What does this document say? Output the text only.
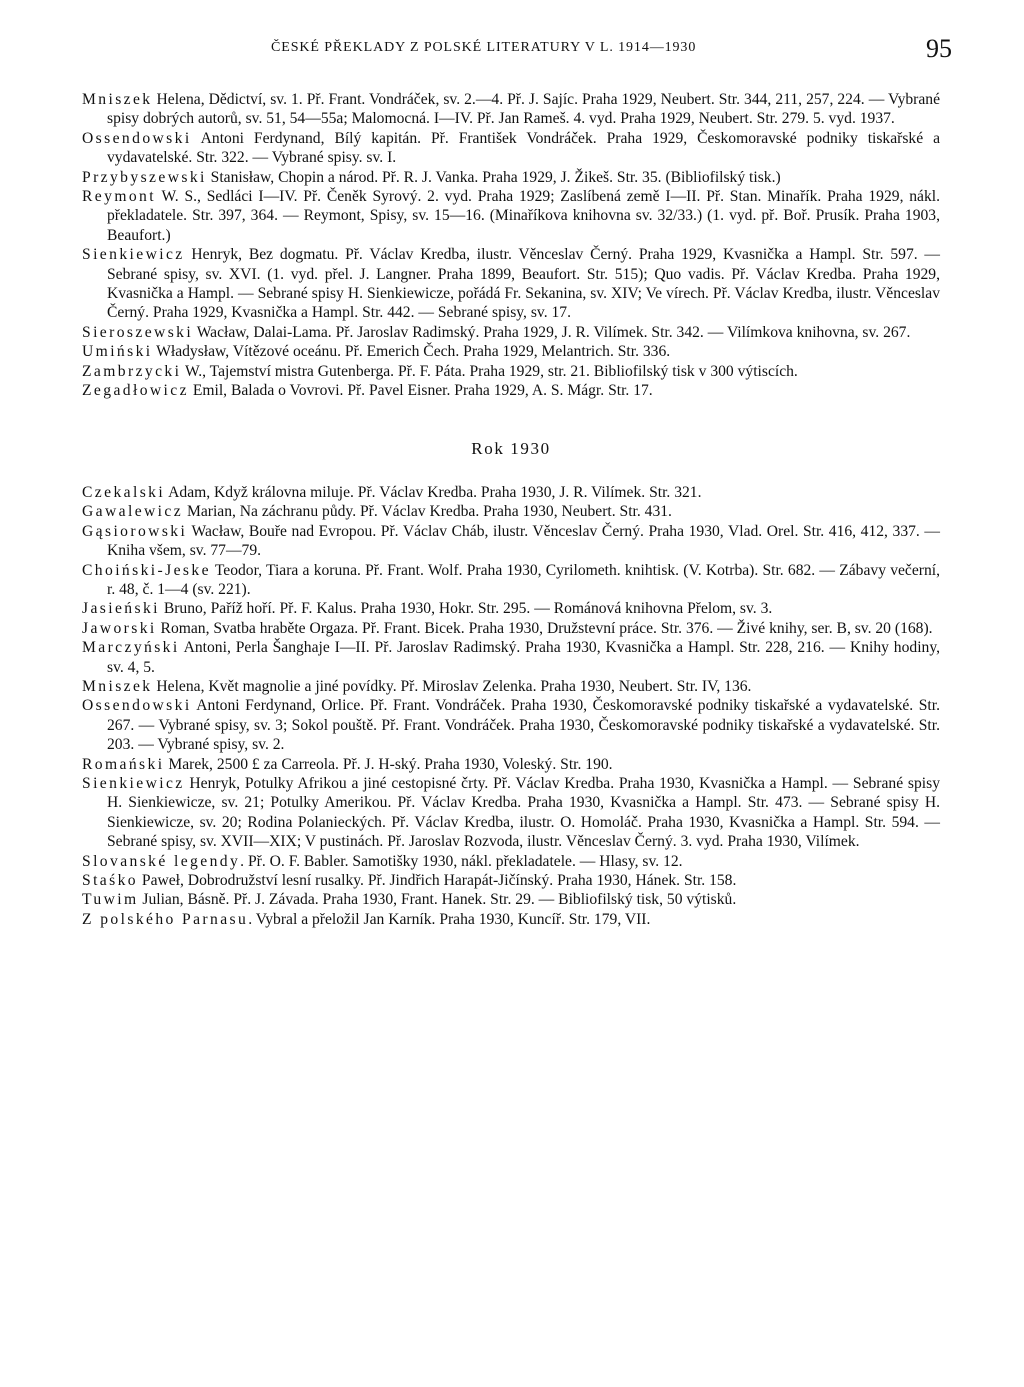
ČESKÉ PŘEKLADY Z POLSKÉ LITERATURY V L. 1914—1930	95

Mniszek Helena, Dědictví, sv. 1. Př. Frant. Vondráček, sv. 2.—4. Př. J. Sajíc. Praha 1929, Neubert. Str. 344, 211, 257, 224. — Vybrané spisy dobrých autorů, sv. 51, 54—55a; Malomocná. I—IV. Př. Jan Rameš. 4. vyd. Praha 1929, Neubert. Str. 279. 5. vyd. 1937.

Ossendowski Antoni Ferdynand, Bílý kapitán. Př. František Vondráček. Praha 1929, Českomoravské podniky tiskařské a vydavatelské. Str. 322. — Vybrané spisy. sv. I.

Przybyszewski Stanisław, Chopin a národ. Př. R. J. Vanka. Praha 1929, J. Žikeš. Str. 35. (Bibliofilský tisk.)

Reymont W. S., Sedláci I—IV. Př. Čeněk Syrový. 2. vyd. Praha 1929; Zaslíbená země I—II. Př. Stan. Minařík. Praha 1929, nákl. překladatele. Str. 397, 364. — Reymont, Spisy, sv. 15—16. (Minaříkova knihovna sv. 32/33.) (1. vyd. př. Boř. Prusík. Praha 1903, Beaufort.)

Sienkiewicz Henryk, Bez dogmatu. Př. Václav Kredba, ilustr. Věnceslav Černý. Praha 1929, Kvasnička a Hampl. Str. 597. — Sebrané spisy, sv. XVI. (1. vyd. přel. J. Langner. Praha 1899, Beaufort. Str. 515); Quo vadis. Př. Václav Kredba. Praha 1929, Kvasnička a Hampl. — Sebrané spisy H. Sienkiewicze, pořádá Fr. Sekanina, sv. XIV; Ve vírech. Př. Václav Kredba, ilustr. Věnceslav Černý. Praha 1929, Kvasnička a Hampl. Str. 442. — Sebrané spisy, sv. 17.

Sieroszewski Wacław, Dalai-Lama. Př. Jaroslav Radimský. Praha 1929, J. R. Vilímek. Str. 342. — Vilímkova knihovna, sv. 267.

Umiński Władysław, Vítězové oceánu. Př. Emerich Čech. Praha 1929, Melantrich. Str. 336.

Zambrzycki W., Tajemství mistra Gutenberga. Př. F. Páta. Praha 1929, str. 21. Bibliofilský tisk v 300 výtiscích.

Zegadłowicz Emil, Balada o Vovrovi. Př. Pavel Eisner. Praha 1929, A. S. Mágr. Str. 17.

Rok 1930

Czekalski Adam, Když královna miluje. Př. Václav Kredba. Praha 1930, J. R. Vilímek. Str. 321.

Gawalewicz Marian, Na záchranu půdy. Př. Václav Kredba. Praha 1930, Neubert. Str. 431.

Gąsiorowski Wacław, Bouře nad Evropou. Př. Václav Cháb, ilustr. Věnceslav Černý. Praha 1930, Vlad. Orel. Str. 416, 412, 337. — Kniha všem, sv. 77—79.

Choiński-Jeske Teodor, Tiara a koruna. Př. Frant. Wolf. Praha 1930, Cyrilometh. knihtisk. (V. Kotrba). Str. 682. — Zábavy večerní, r. 48, č. 1—4 (sv. 221).

Jasieński Bruno, Paříž hoří. Př. F. Kalus. Praha 1930, Hokr. Str. 295. — Románová knihovna Přelom, sv. 3.

Jaworski Roman, Svatba hraběte Orgaza. Př. Frant. Bicek. Praha 1930, Družstevní práce. Str. 376. — Živé knihy, ser. B, sv. 20 (168).

Marczyński Antoni, Perla Šanghaje I—II. Př. Jaroslav Radimský. Praha 1930, Kvasnička a Hampl. Str. 228, 216. — Knihy hodiny, sv. 4, 5.

Mniszek Helena, Květ magnolie a jiné povídky. Př. Miroslav Zelenka. Praha 1930, Neubert. Str. IV, 136.

Ossendowski Antoni Ferdynand, Orlice. Př. Frant. Vondráček. Praha 1930, Českomoravské podniky tiskařské a vydavatelské. Str. 267. — Vybrané spisy, sv. 3; Sokol pouště. Př. Frant. Vondráček. Praha 1930, Českomoravské podniky tiskařské a vydavatelské. Str. 203. — Vybrané spisy, sv. 2.

Romański Marek, 2500 £ za Carreola. Př. J. H-ský. Praha 1930, Voleský. Str. 190.

Sienkiewicz Henryk, Potulky Afrikou a jiné cestopisné črty. Př. Václav Kredba. Praha 1930, Kvasnička a Hampl. — Sebrané spisy H. Sienkiewicze, sv. 21; Potulky Amerikou. Př. Václav Kredba. Praha 1930, Kvasnička a Hampl. Str. 473. — Sebrané spisy H. Sienkiewicze, sv. 20; Rodina Polanieckých. Př. Václav Kredba, ilustr. O. Homoláč. Praha 1930, Kvasnička a Hampl. Str. 594. — Sebrané spisy, sv. XVII—XIX; V pustinách. Př. Jaroslav Rozvoda, ilustr. Věnceslav Černý. 3. vyd. Praha 1930, Vilímek.

Slovanské legendy. Př. O. F. Babler. Samotišky 1930, nákl. překladatele. — Hlasy, sv. 12.

Staśko Paweł, Dobrodružství lesní rusalky. Př. Jindřich Harapát-Jičínský. Praha 1930, Hánek. Str. 158.

Tuwim Julian, Básně. Př. J. Závada. Praha 1930, Frant. Hanek. Str. 29. — Bibliofilský tisk, 50 výtisků.

Z polského Parnasu. Vybral a přeložil Jan Karník. Praha 1930, Kuncíř. Str. 179, VII.
